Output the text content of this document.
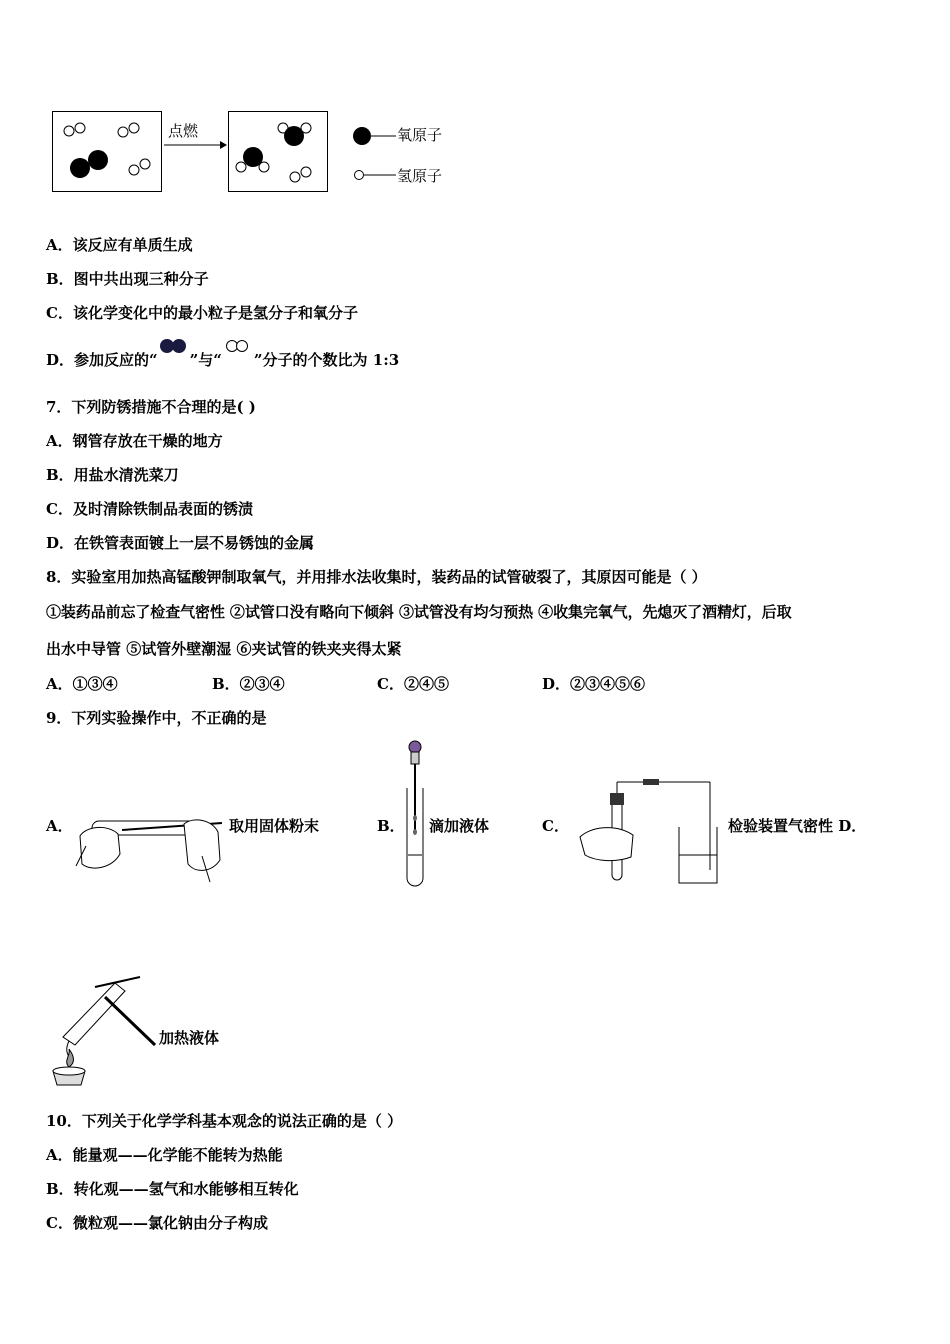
点燃	氧原子
氢原子
A．该反应有单质生成
B．图中共出现三种分子
C．该化学变化中的最小粒子是氢分子和氧分子
D．参加反应的“ ”与“ ”分子的个数比为 1:3
7．下列防锈措施不合理的是( )
A．钢管存放在干燥的地方
B．用盐水清洗菜刀
C．及时清除铁制品表面的锈渍
D．在铁管表面镀上一层不易锈蚀的金属
8．实验室用加热高锰酸钾制取氧气，并用排水法收集时，装药品的试管破裂了，其原因可能是（ ）
①装药品前忘了检查气密性 ②试管口没有略向下倾斜 ③试管没有均匀预热 ④收集完氧气，先熄灭了酒精灯，后取
出水中导管 ⑤试管外壁潮湿 ⑥夹试管的铁夹夹得太紧
A．①③④	B．②③④	C．②④⑤	D．②③④⑤⑥
9．下列实验操作中，不正确的是
A．	取用固体粉末	B． 滴加液体	C．	检验装置气密性 D．
加热液体
10．下列关于化学学科基本观念的说法正确的是（ ）
A．能量观——化学能不能转为热能
B．转化观——氢气和水能够相互转化
C．微粒观——氯化钠由分子构成
